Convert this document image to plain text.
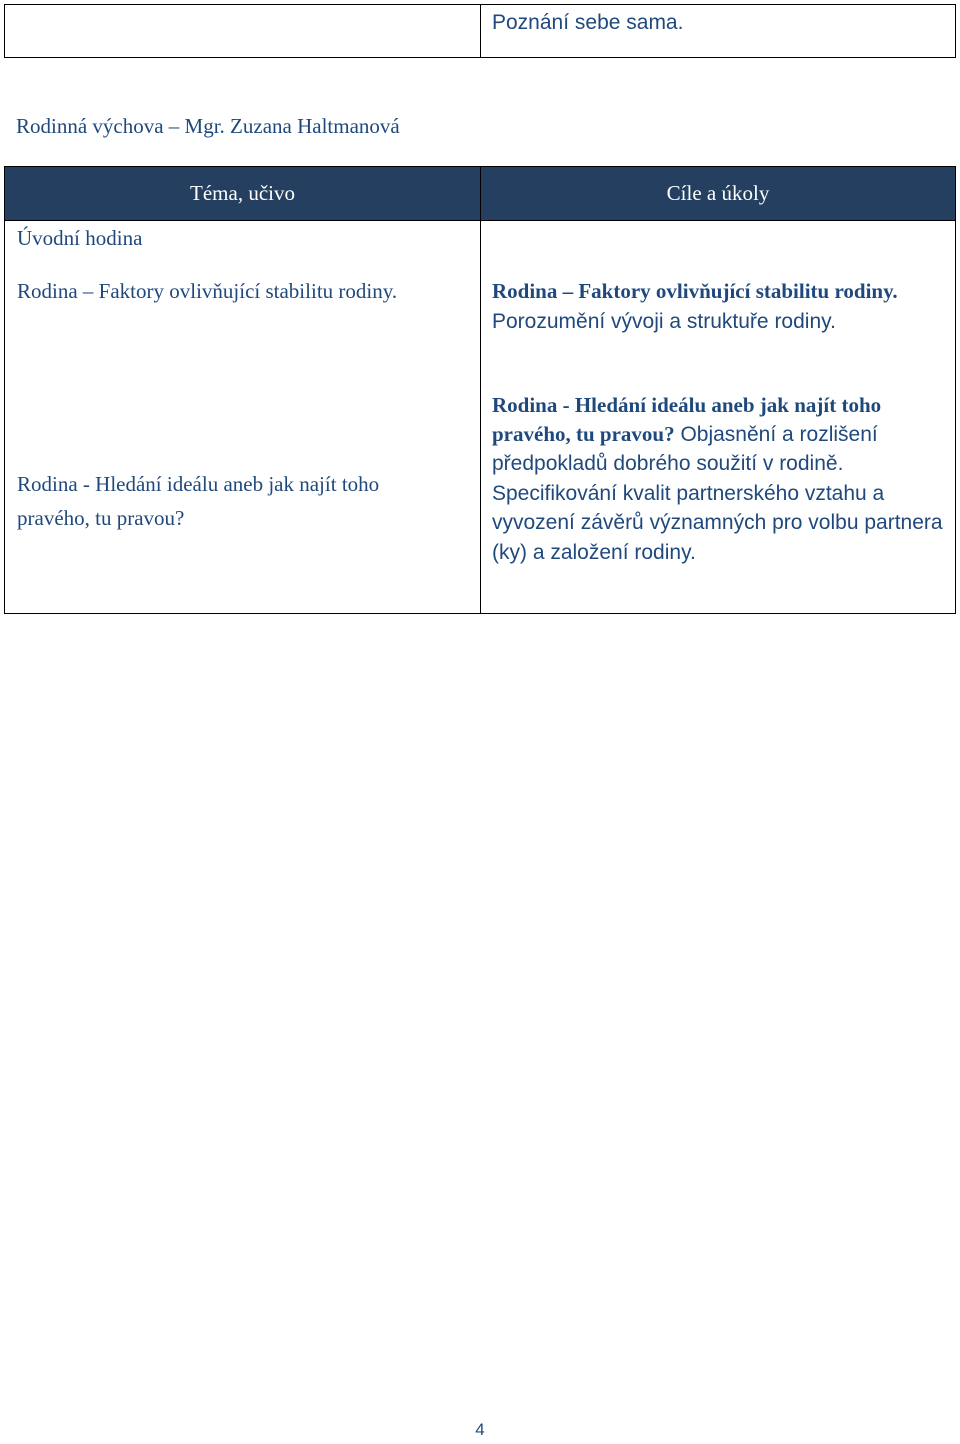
Poznání sebe sama.
Rodinná výchova – Mgr. Zuzana Haltmanová
Téma, učivo	Cíle a úkoly
Úvodní hodina
Rodina – Faktory ovlivňující stabilitu rodiny.
Rodina - Hledání ideálu aneb jak najít toho pravého, tu pravou?
Rodina – Faktory ovlivňující stabilitu rodiny. Porozumění vývoji a struktuře rodiny.
Rodina - Hledání ideálu aneb jak najít toho pravého, tu pravou? Objasnění a rozlišení předpokladů dobrého soužití v rodině. Specifikování kvalit partnerského vztahu a vyvození závěrů významných pro volbu partnera (ky) a založení rodiny.
4
